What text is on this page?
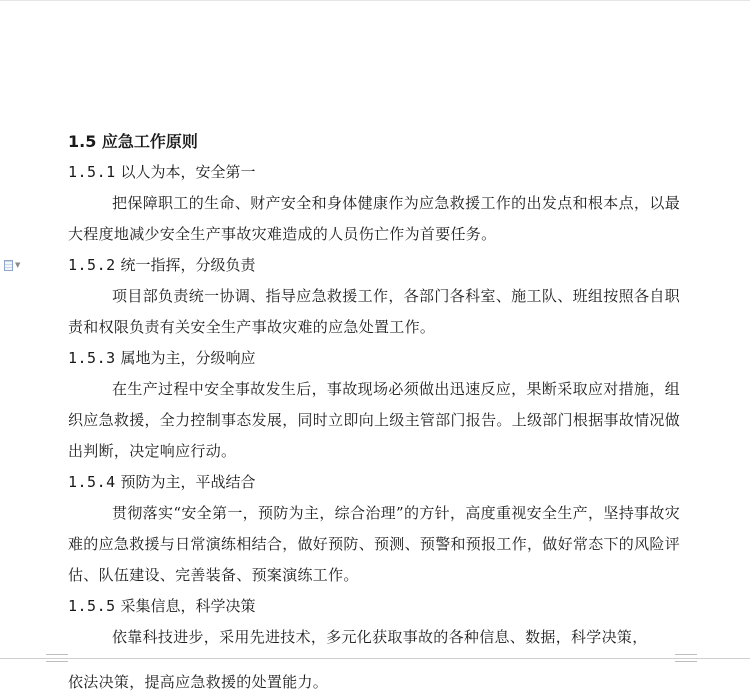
▼
1.5 应急工作原则
1.5.1 以人为本，安全第一

把保障职工的生命、财产安全和身体健康作为应急救援工作的出发点和根本点，以最大程度地减少安全生产事故灾难造成的人员伤亡作为首要任务。

1.5.2 统一指挥，分级负责

项目部负责统一协调、指导应急救援工作，各部门各科室、施工队、班组按照各自职责和权限负责有关安全生产事故灾难的应急处置工作。

1.5.3 属地为主，分级响应

在生产过程中安全事故发生后，事故现场必须做出迅速反应，果断采取应对措施，组织应急救援，全力控制事态发展，同时立即向上级主管部门报告。上级部门根据事故情况做出判断，决定响应行动。

1.5.4 预防为主，平战结合

贯彻落实“安全第一，预防为主，综合治理”的方针，高度重视安全生产，坚持事故灾难的应急救援与日常演练相结合，做好预防、预测、预警和预报工作，做好常态下的风险评估、队伍建设、完善装备、预案演练工作。

1.5.5 采集信息，科学决策

依靠科技进步，采用先进技术，多元化获取事故的各种信息、数据，科学决策，

依法决策，提高应急救援的处置能力。
